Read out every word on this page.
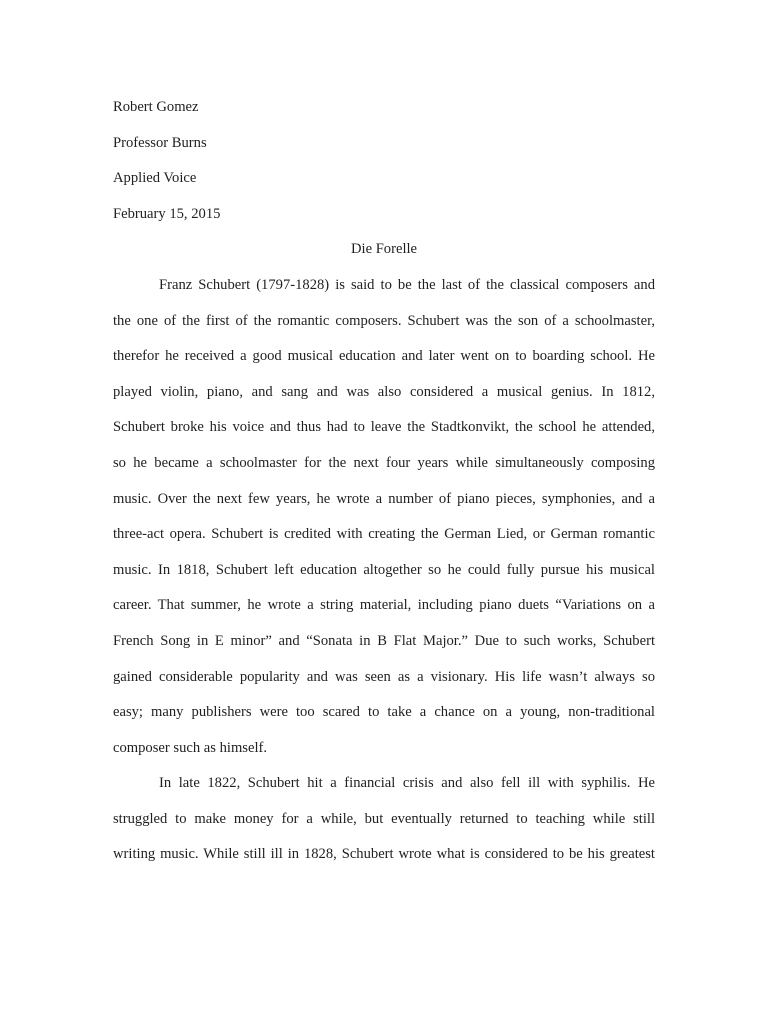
Robert Gomez
Professor Burns
Applied Voice
February 15, 2015
Die Forelle
Franz Schubert (1797-1828) is said to be the last of the classical composers and
the one of the first of the romantic composers. Schubert was the son of a schoolmaster,
therefor he received a good musical education and later went on to boarding school. He
played violin, piano, and sang and was also considered a musical genius. In 1812,
Schubert broke his voice and thus had to leave the Stadtkonvikt, the school he attended,
so he became a schoolmaster for the next four years while simultaneously composing
music. Over the next few years, he wrote a number of piano pieces, symphonies, and a
three-act opera. Schubert is credited with creating the German Lied, or German romantic
music. In 1818, Schubert left education altogether so he could fully pursue his musical
career. That summer, he wrote a string material, including piano duets “Variations on a
French Song in E minor” and “Sonata in B Flat Major.” Due to such works, Schubert
gained considerable popularity and was seen as a visionary. His life wasn’t always so
easy; many publishers were too scared to take a chance on a young, non-traditional
composer such as himself.
In late 1822, Schubert hit a financial crisis and also fell ill with syphilis. He
struggled to make money for a while, but eventually returned to teaching while still
writing music. While still ill in 1828, Schubert wrote what is considered to be his greatest
